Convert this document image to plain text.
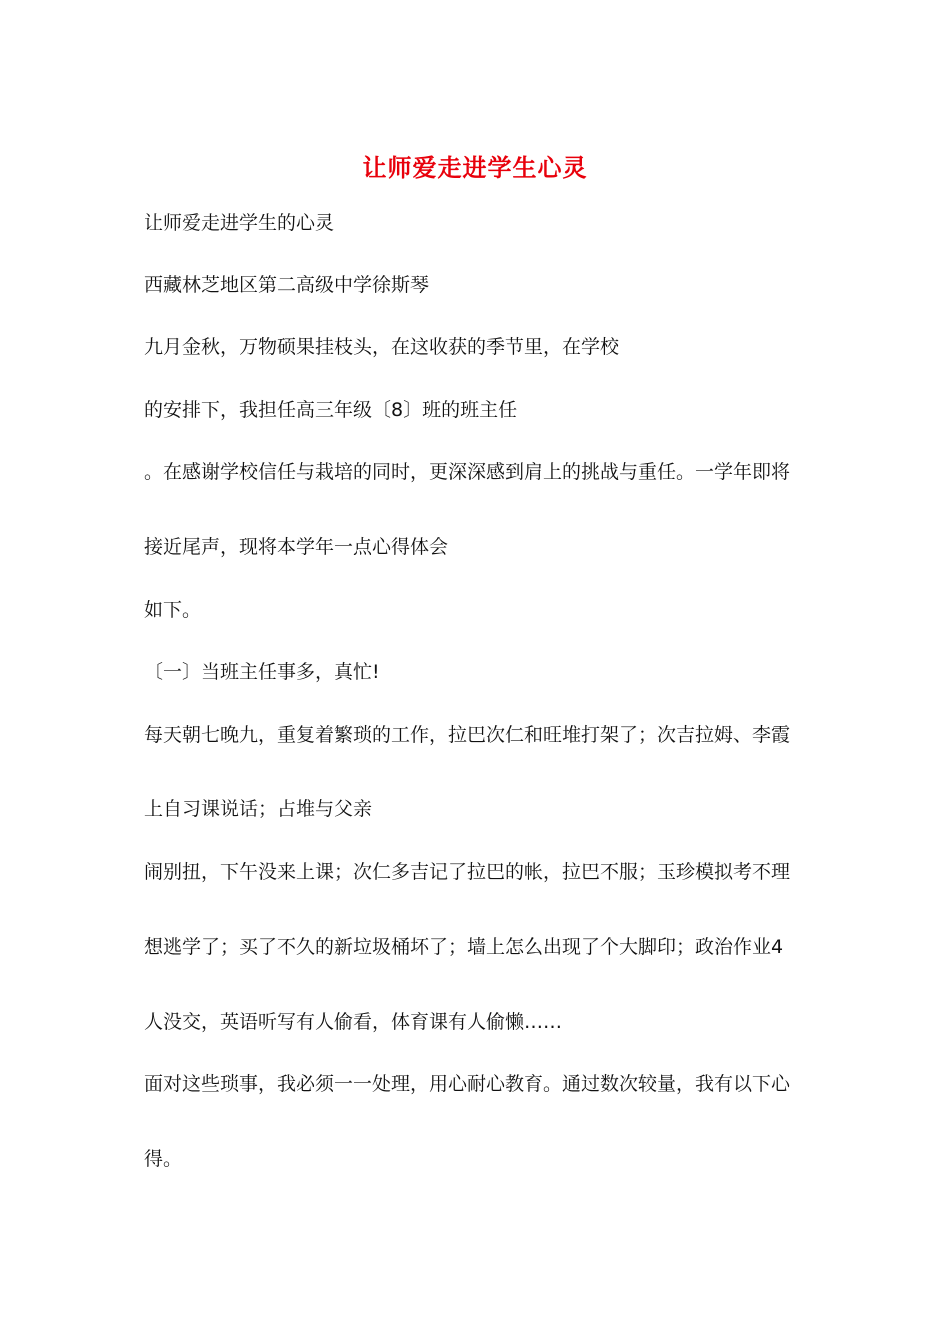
让师爱走进学生心灵
让师爱走进学生的心灵
西藏林芝地区第二高级中学徐斯琴
九月金秋，万物硕果挂枝头，在这收获的季节里，在学校
的安排下，我担任高三年级〔8〕班的班主任
。在感谢学校信任与栽培的同时，更深深感到肩上的挑战与重任。一学年即将
接近尾声，现将本学年一点心得体会
如下。
〔一〕当班主任事多，真忙!
每天朝七晚九，重复着繁琐的工作，拉巴次仁和旺堆打架了；次吉拉姆、李霞
上自习课说话；占堆与父亲
闹别扭，下午没来上课；次仁多吉记了拉巴的帐，拉巴不服；玉珍模拟考不理
想逃学了；买了不久的新垃圾桶坏了；墙上怎么出现了个大脚印；政治作业4
人没交，英语听写有人偷看，体育课有人偷懒……
面对这些琐事，我必须一一处理，用心耐心教育。通过数次较量，我有以下心
得。
